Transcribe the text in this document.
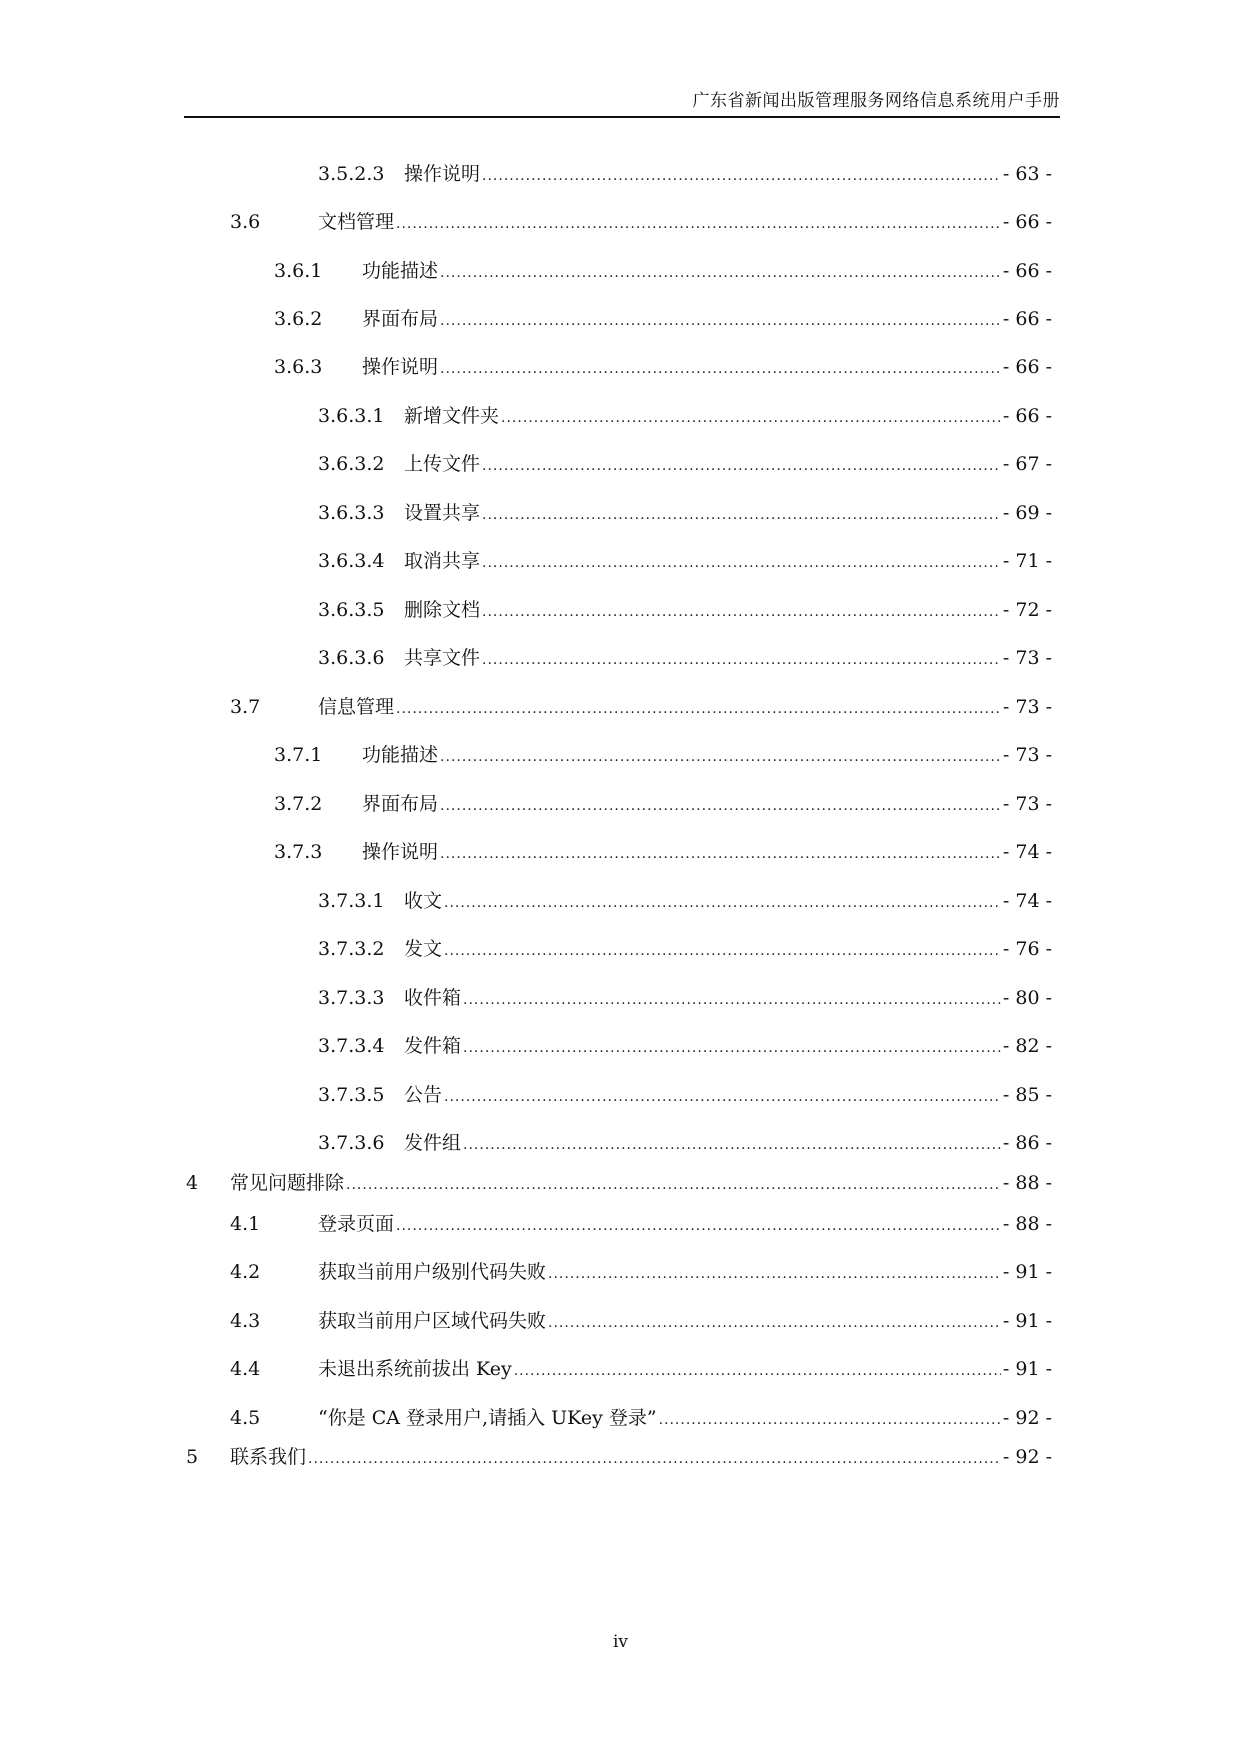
广东省新闻出版管理服务网络信息系统用户手册
3.5.2.3	操作说明 .....	- 63 -
3.6	文档管理 .....	- 66 -
3.6.1	功能描述 .....	- 66 -
3.6.2	界面布局 .....	- 66 -
3.6.3	操作说明 .....	- 66 -
3.6.3.1	新增文件夹 .....	- 66 -
3.6.3.2	上传文件 .....	- 67 -
3.6.3.3	设置共享 .....	- 69 -
3.6.3.4	取消共享 .....	- 71 -
3.6.3.5	删除文档 .....	- 72 -
3.6.3.6	共享文件 .....	- 73 -
3.7	信息管理 .....	- 73 -
3.7.1	功能描述 .....	- 73 -
3.7.2	界面布局 .....	- 73 -
3.7.3	操作说明 .....	- 74 -
3.7.3.1	收文 .....	- 74 -
3.7.3.2	发文 .....	- 76 -
3.7.3.3	收件箱 .....	- 80 -
3.7.3.4	发件箱 .....	- 82 -
3.7.3.5	公告 .....	- 85 -
3.7.3.6	发件组 .....	- 86 -
4	常见问题排除 .....	- 88 -
4.1	登录页面 .....	- 88 -
4.2	获取当前用户级别代码失败 .....	- 91 -
4.3	获取当前用户区域代码失败 .....	- 91 -
4.4	未退出系统前拔出 Key .....	- 91 -
4.5	“你是 CA 登录用户,请插入 UKey 登录” .....	- 92 -
5	联系我们 .....	- 92 -
iv
